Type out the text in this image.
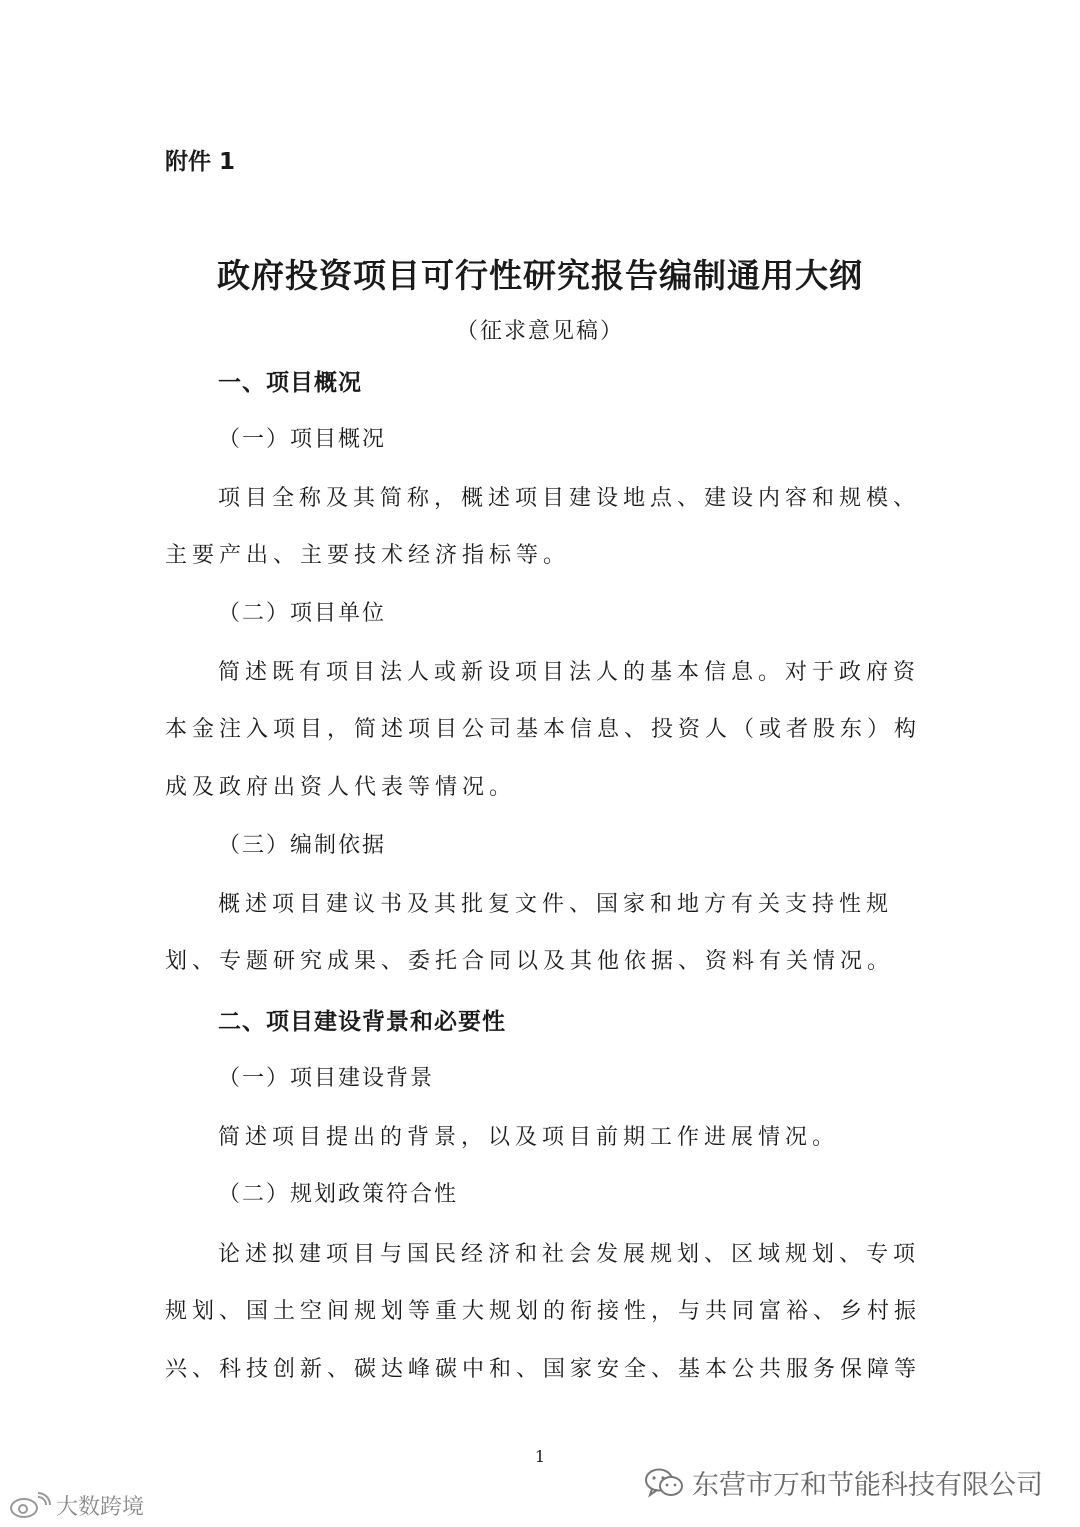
附件 1
政府投资项目可行性研究报告编制通用大纲
（征求意见稿）
一、项目概况
（一）项目概况
项目全称及其简称，概述项目建设地点、建设内容和规模、
主要产出、主要技术经济指标等。
（二）项目单位
简述既有项目法人或新设项目法人的基本信息。对于政府资
本金注入项目，简述项目公司基本信息、投资人（或者股东）构
成及政府出资人代表等情况。
（三）编制依据
概述项目建议书及其批复文件、国家和地方有关支持性规
划、专题研究成果、委托合同以及其他依据、资料有关情况。
二、项目建设背景和必要性
（一）项目建设背景
简述项目提出的背景，以及项目前期工作进展情况。
（二）规划政策符合性
论述拟建项目与国民经济和社会发展规划、区域规划、专项
规划、国土空间规划等重大规划的衔接性，与共同富裕、乡村振
兴、科技创新、碳达峰碳中和、国家安全、基本公共服务保障等
1
东营市万和节能科技有限公司
大数跨境
